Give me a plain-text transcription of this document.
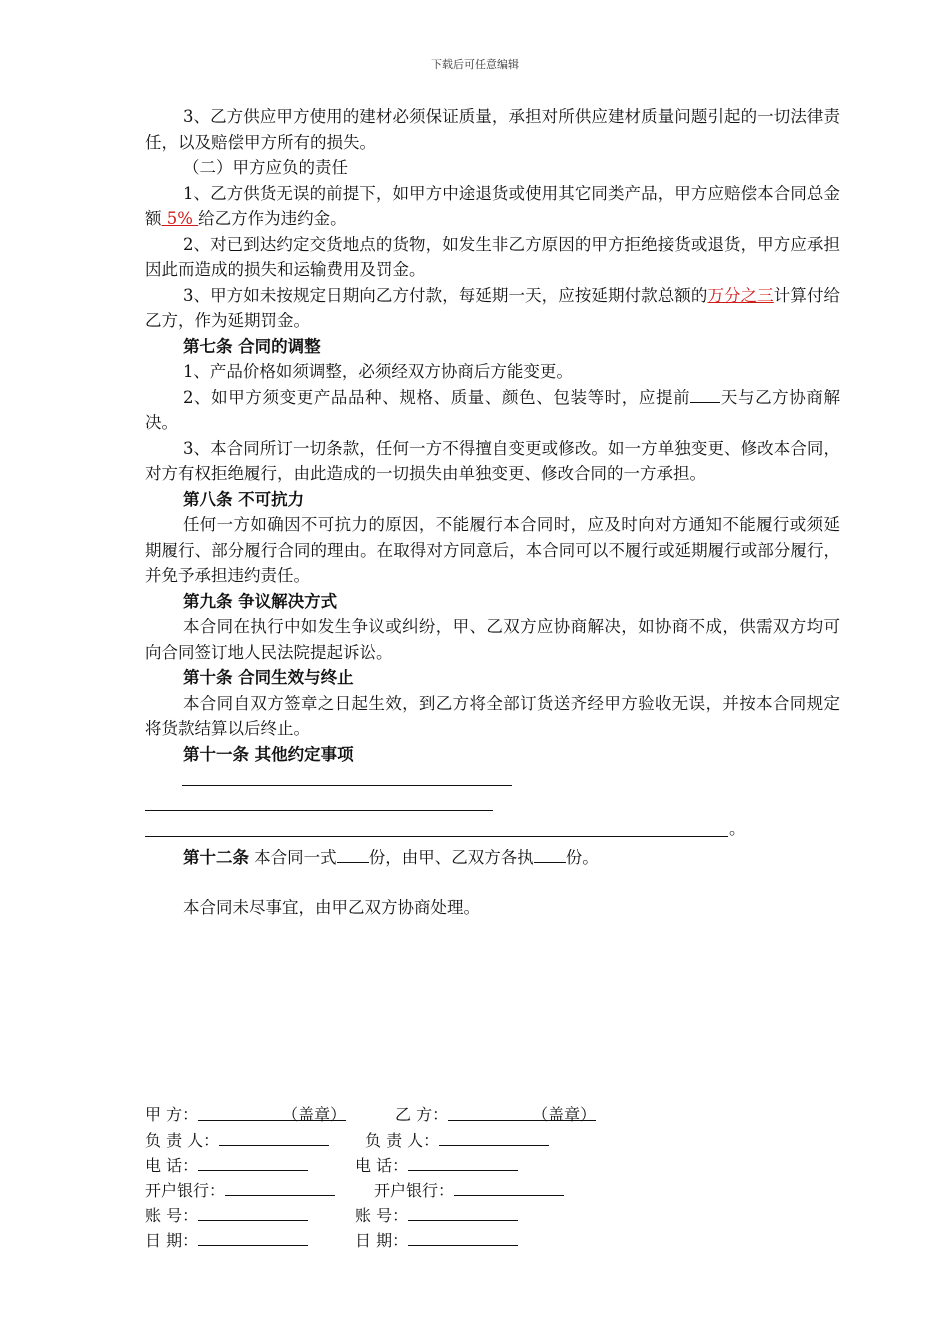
下载后可任意编辑

3、乙方供应甲方使用的建材必须保证质量，承担对所供应建材质量问题引起的一切法律责任，以及赔偿甲方所有的损失。

（二）甲方应负的责任

1、乙方供货无误的前提下，如甲方中途退货或使用其它同类产品，甲方应赔偿本合同总金额 5% 给乙方作为违约金。

2、对已到达约定交货地点的货物，如发生非乙方原因的甲方拒绝接货或退货，甲方应承担因此而造成的损失和运输费用及罚金。

3、甲方如未按规定日期向乙方付款，每延期一天，应按延期付款总额的万分之三计算付给乙方，作为延期罚金。

第七条 合同的调整

1、产品价格如须调整，必须经双方协商后方能变更。

2、如甲方须变更产品品种、规格、质量、颜色、包装等时，应提前 天与乙方协商解决。

3、本合同所订一切条款，任何一方不得擅自变更或修改。如一方单独变更、修改本合同，对方有权拒绝履行，由此造成的一切损失由单独变更、修改合同的一方承担。

第八条 不可抗力

任何一方如确因不可抗力的原因，不能履行本合同时，应及时向对方通知不能履行或须延期履行、部分履行合同的理由。在取得对方同意后，本合同可以不履行或延期履行或部分履行，并免予承担违约责任。

第九条 争议解决方式

本合同在执行中如发生争议或纠纷，甲、乙双方应协商解决，如协商不成，供需双方均可向合同签订地人民法院提起诉讼。

第十条 合同生效与终止

本合同自双方签章之日起生效，到乙方将全部订货送齐经甲方验收无误，并按本合同规定将货款结算以后终止。

第十一条 其他约定事项

。

第十二条 本合同一式 份，由甲、乙双方各执 份。

本合同未尽事宜，由甲乙双方协商处理。

甲 方：	（盖章）	乙 方：	（盖章）
负 责 人：	负 责 人：
电 话：	电 话：
开户银行：	开户银行：
账 号：	账 号：
日 期：	日 期：
